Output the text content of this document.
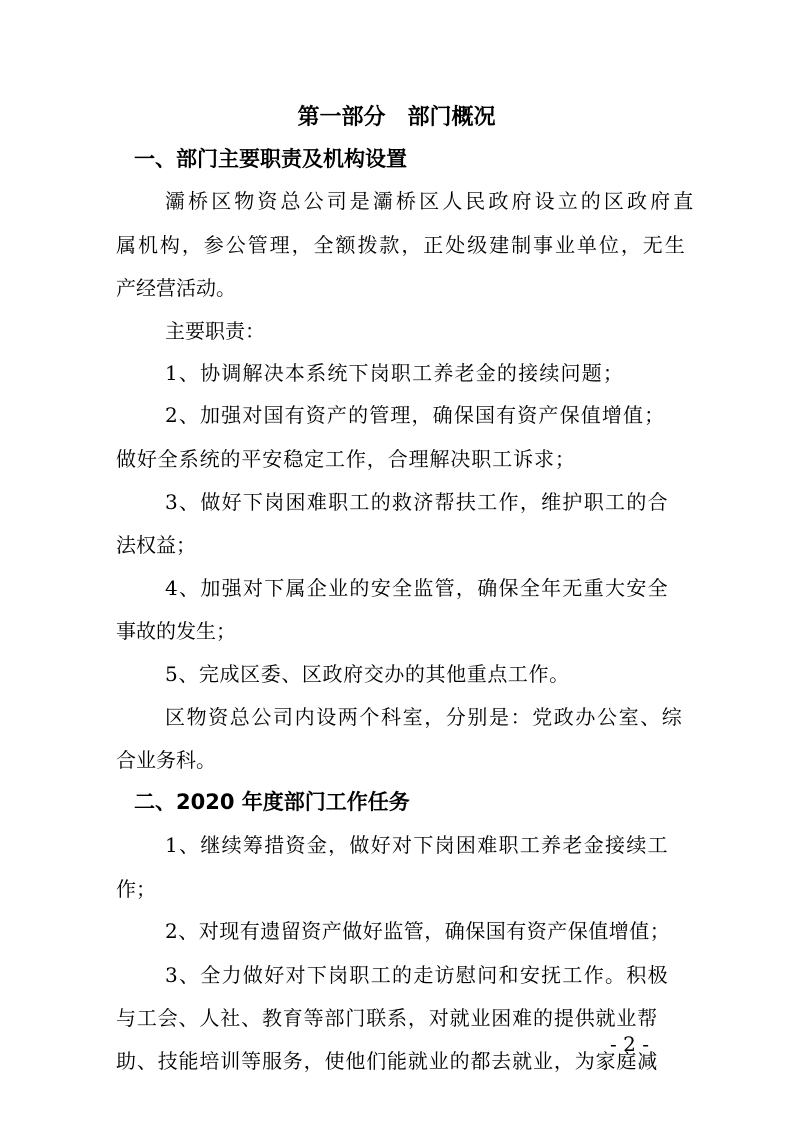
第一部分　部门概况
一、部门主要职责及机构设置
灞桥区物资总公司是灞桥区人民政府设立的区政府直
属机构，参公管理，全额拨款，正处级建制事业单位，无生
产经营活动。
主要职责：
1、协调解决本系统下岗职工养老金的接续问题；
2、加强对国有资产的管理，确保国有资产保值增值；
做好全系统的平安稳定工作，合理解决职工诉求；
3、做好下岗困难职工的救济帮扶工作，维护职工的合
法权益；
4、加强对下属企业的安全监管，确保全年无重大安全
事故的发生；
5、完成区委、区政府交办的其他重点工作。
区物资总公司内设两个科室，分别是：党政办公室、综
合业务科。
二、2020 年度部门工作任务
1、继续筹措资金，做好对下岗困难职工养老金接续工
作；
2、对现有遗留资产做好监管，确保国有资产保值增值；
3、全力做好对下岗职工的走访慰问和安抚工作。积极
与工会、人社、教育等部门联系，对就业困难的提供就业帮
助、技能培训等服务，使他们能就业的都去就业，为家庭减
- 2 -
